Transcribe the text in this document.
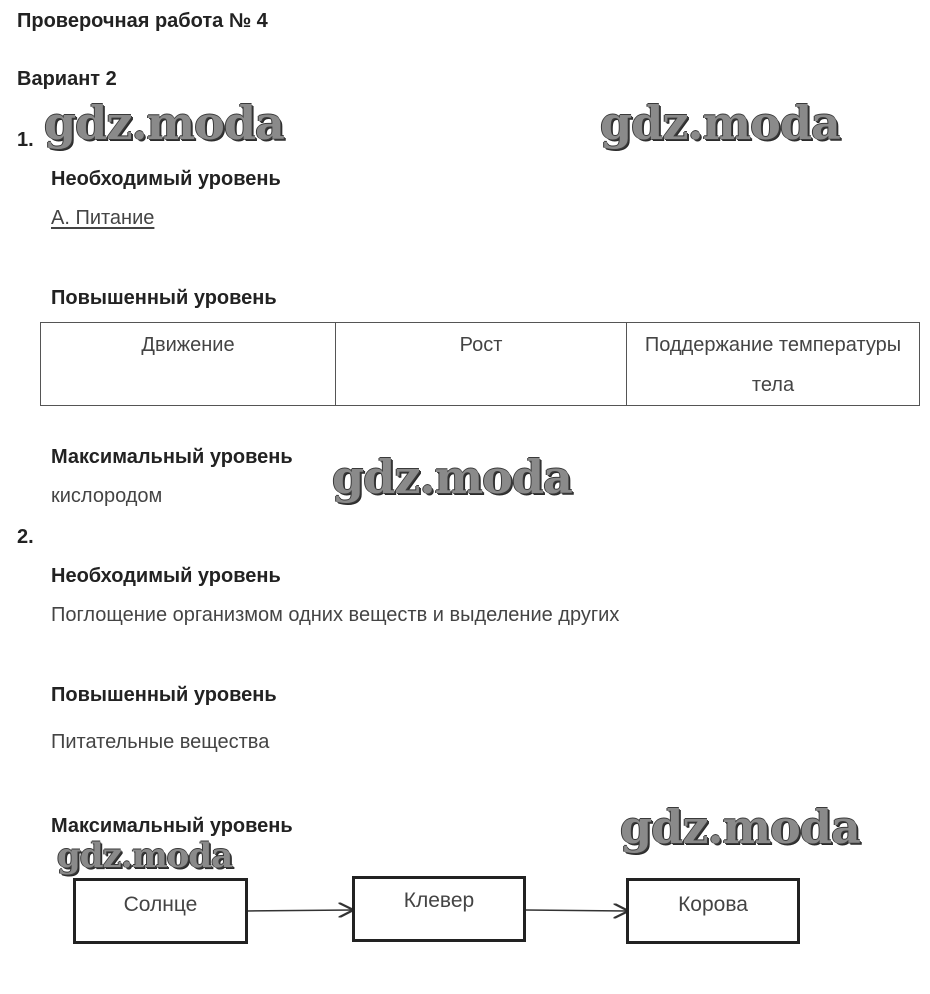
Проверочная работа № 4
Вариант 2
1.
Необходимый уровень
А. Питание
Повышенный уровень
Движение	Рост	Поддержание температуры тела
Максимальный уровень
кислородом
2.
Необходимый уровень
Поглощение организмом одних веществ и выделение других
Повышенный уровень
Питательные вещества
Максимальный уровень
Солнце	Клевер	Корова
gdz.moda	gdz.moda
gdz.moda
gdz.moda
gdz.moda
